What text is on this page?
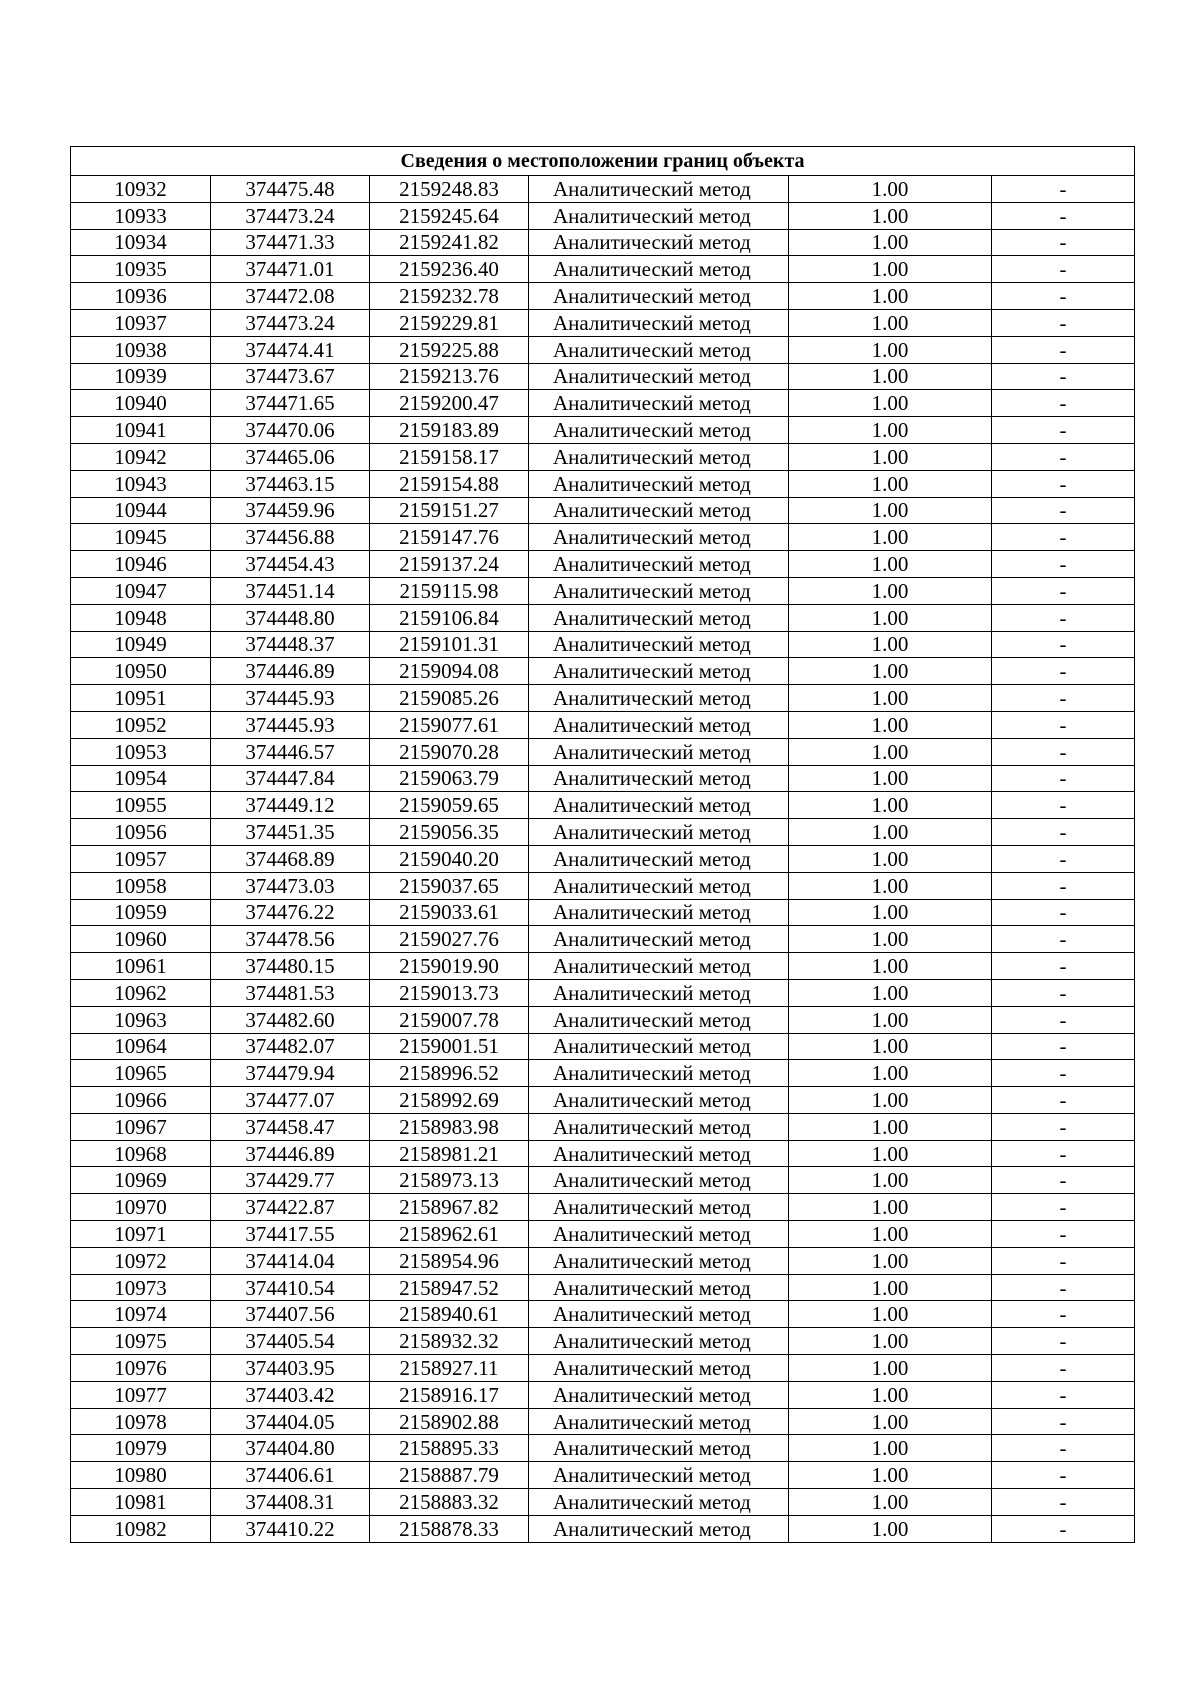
Сведения о местоположении границ объекта					
10932	374475.48	2159248.83	Аналитический метод	1.00	-
10933	374473.24	2159245.64	Аналитический метод	1.00	-
10934	374471.33	2159241.82	Аналитический метод	1.00	-
10935	374471.01	2159236.40	Аналитический метод	1.00	-
10936	374472.08	2159232.78	Аналитический метод	1.00	-
10937	374473.24	2159229.81	Аналитический метод	1.00	-
10938	374474.41	2159225.88	Аналитический метод	1.00	-
10939	374473.67	2159213.76	Аналитический метод	1.00	-
10940	374471.65	2159200.47	Аналитический метод	1.00	-
10941	374470.06	2159183.89	Аналитический метод	1.00	-
10942	374465.06	2159158.17	Аналитический метод	1.00	-
10943	374463.15	2159154.88	Аналитический метод	1.00	-
10944	374459.96	2159151.27	Аналитический метод	1.00	-
10945	374456.88	2159147.76	Аналитический метод	1.00	-
10946	374454.43	2159137.24	Аналитический метод	1.00	-
10947	374451.14	2159115.98	Аналитический метод	1.00	-
10948	374448.80	2159106.84	Аналитический метод	1.00	-
10949	374448.37	2159101.31	Аналитический метод	1.00	-
10950	374446.89	2159094.08	Аналитический метод	1.00	-
10951	374445.93	2159085.26	Аналитический метод	1.00	-
10952	374445.93	2159077.61	Аналитический метод	1.00	-
10953	374446.57	2159070.28	Аналитический метод	1.00	-
10954	374447.84	2159063.79	Аналитический метод	1.00	-
10955	374449.12	2159059.65	Аналитический метод	1.00	-
10956	374451.35	2159056.35	Аналитический метод	1.00	-
10957	374468.89	2159040.20	Аналитический метод	1.00	-
10958	374473.03	2159037.65	Аналитический метод	1.00	-
10959	374476.22	2159033.61	Аналитический метод	1.00	-
10960	374478.56	2159027.76	Аналитический метод	1.00	-
10961	374480.15	2159019.90	Аналитический метод	1.00	-
10962	374481.53	2159013.73	Аналитический метод	1.00	-
10963	374482.60	2159007.78	Аналитический метод	1.00	-
10964	374482.07	2159001.51	Аналитический метод	1.00	-
10965	374479.94	2158996.52	Аналитический метод	1.00	-
10966	374477.07	2158992.69	Аналитический метод	1.00	-
10967	374458.47	2158983.98	Аналитический метод	1.00	-
10968	374446.89	2158981.21	Аналитический метод	1.00	-
10969	374429.77	2158973.13	Аналитический метод	1.00	-
10970	374422.87	2158967.82	Аналитический метод	1.00	-
10971	374417.55	2158962.61	Аналитический метод	1.00	-
10972	374414.04	2158954.96	Аналитический метод	1.00	-
10973	374410.54	2158947.52	Аналитический метод	1.00	-
10974	374407.56	2158940.61	Аналитический метод	1.00	-
10975	374405.54	2158932.32	Аналитический метод	1.00	-
10976	374403.95	2158927.11	Аналитический метод	1.00	-
10977	374403.42	2158916.17	Аналитический метод	1.00	-
10978	374404.05	2158902.88	Аналитический метод	1.00	-
10979	374404.80	2158895.33	Аналитический метод	1.00	-
10980	374406.61	2158887.79	Аналитический метод	1.00	-
10981	374408.31	2158883.32	Аналитический метод	1.00	-
10982	374410.22	2158878.33	Аналитический метод	1.00	-
